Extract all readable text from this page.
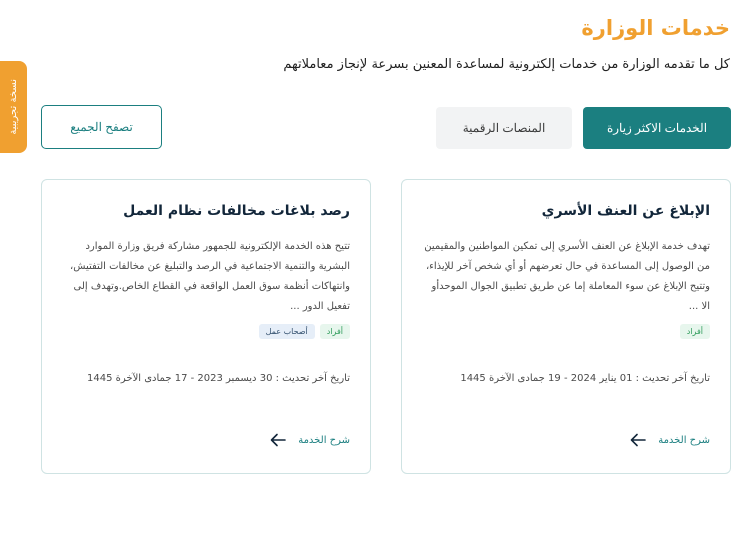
خدمات الوزارة

كل ما تقدمه الوزارة من خدمات إلكترونية لمساعدة المعنين بسرعة لإنجاز معاملاتهم

نسخة تجريبية	الخدمات الاكثر زيارة
المنصات الرقمية
تصفح الجميع
الإبلاغ عن العنف الأسري
تهدف خدمة الإبلاغ عن العنف الأسري إلى تمكين المواطنين والمقيمين من الوصول إلى المساعدة في حال تعرضهم أو أي شخص آخر للإيذاء، وتتيح الإبلاغ عن سوء المعاملة إما عن طريق تطبيق الجوال الموحدأو الا ...
أفراد
تاريخ آخر تحديث : 01 يناير 2024 - 19 جمادى الآخرة 1445
شرح الخدمة
رصد بلاغات مخالفات نظام العمل
تتيح هذه الخدمة الإلكترونية للجمهور مشاركة فريق وزارة الموارد البشرية والتنمية الاجتماعية في الرصد والتبليغ عن مخالفات التفتيش، وانتهاكات أنظمة سوق العمل الواقعة في القطاع الخاص.وتهدف إلى تفعيل الدور ...
أفراد
أصحاب عمل
تاريخ آخر تحديث : 30 ديسمبر 2023 - 17 جمادى الآخرة 1445
شرح الخدمة
